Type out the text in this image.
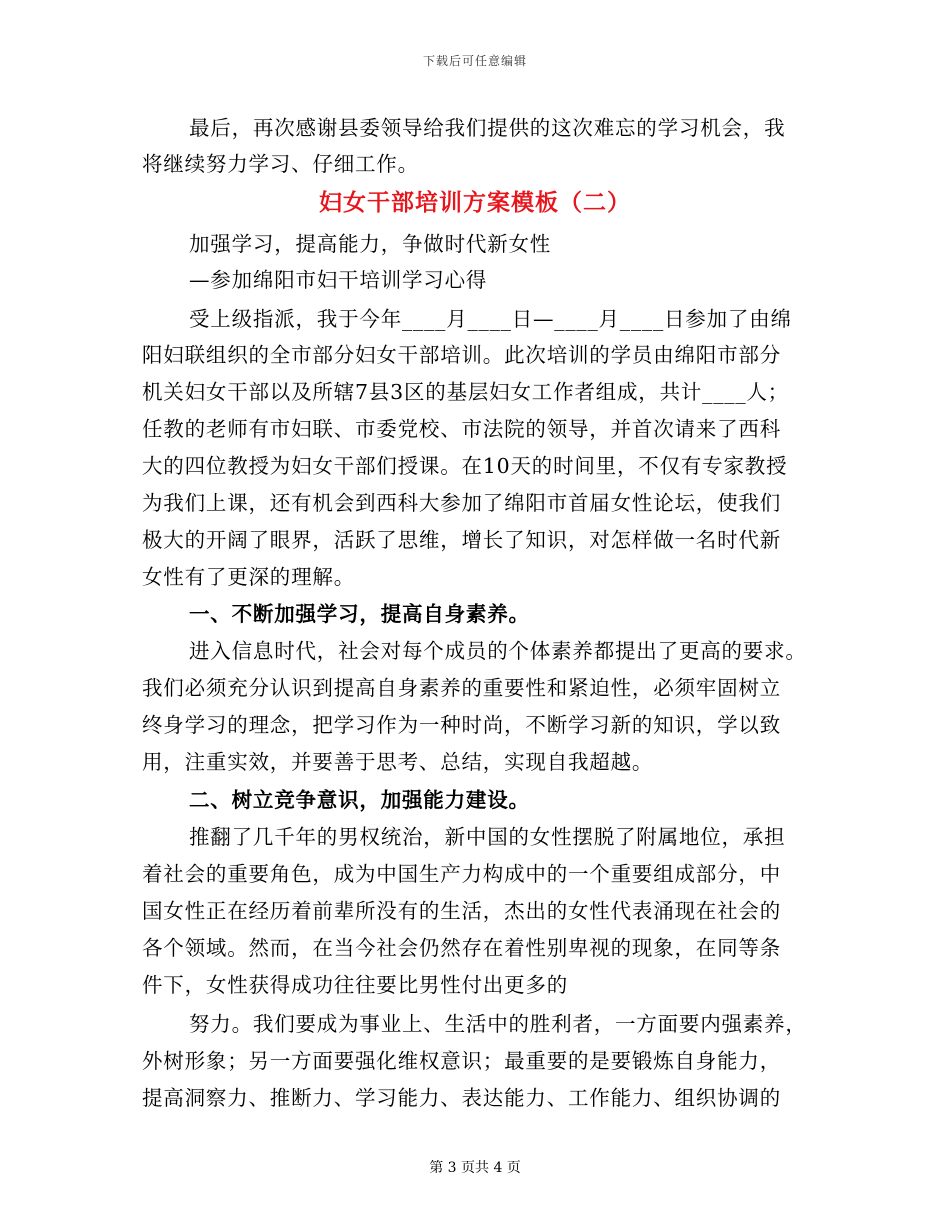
下载后可任意编辑
最后，再次感谢县委领导给我们提供的这次难忘的学习机会，我
将继续努力学习、仔细工作。
妇女干部培训方案模板（二）
加强学习，提高能力，争做时代新女性
—参加绵阳市妇干培训学习心得
受上级指派，我于今年____月____日—____月____日参加了由绵
阳妇联组织的全市部分妇女干部培训。此次培训的学员由绵阳市部分
机关妇女干部以及所辖7县3区的基层妇女工作者组成，共计____人；
任教的老师有市妇联、市委党校、市法院的领导，并首次请来了西科
大的四位教授为妇女干部们授课。在10天的时间里，不仅有专家教授
为我们上课，还有机会到西科大参加了绵阳市首届女性论坛，使我们
极大的开阔了眼界，活跃了思维，增长了知识，对怎样做一名时代新
女性有了更深的理解。
一、不断加强学习，提高自身素养。
进入信息时代，社会对每个成员的个体素养都提出了更高的要求。
我们必须充分认识到提高自身素养的重要性和紧迫性，必须牢固树立
终身学习的理念，把学习作为一种时尚，不断学习新的知识，学以致
用，注重实效，并要善于思考、总结，实现自我超越。
二、树立竞争意识，加强能力建设。
推翻了几千年的男权统治，新中国的女性摆脱了附属地位，承担
着社会的重要角色，成为中国生产力构成中的一个重要组成部分，中
国女性正在经历着前辈所没有的生活，杰出的女性代表涌现在社会的
各个领域。然而，在当今社会仍然存在着性别卑视的现象，在同等条
件下，女性获得成功往往要比男性付出更多的
努力。我们要成为事业上、生活中的胜利者，一方面要内强素养，
外树形象；另一方面要强化维权意识；最重要的是要锻炼自身能力，
提高洞察力、推断力、学习能力、表达能力、工作能力、组织协调的
第 3 页共 4 页
